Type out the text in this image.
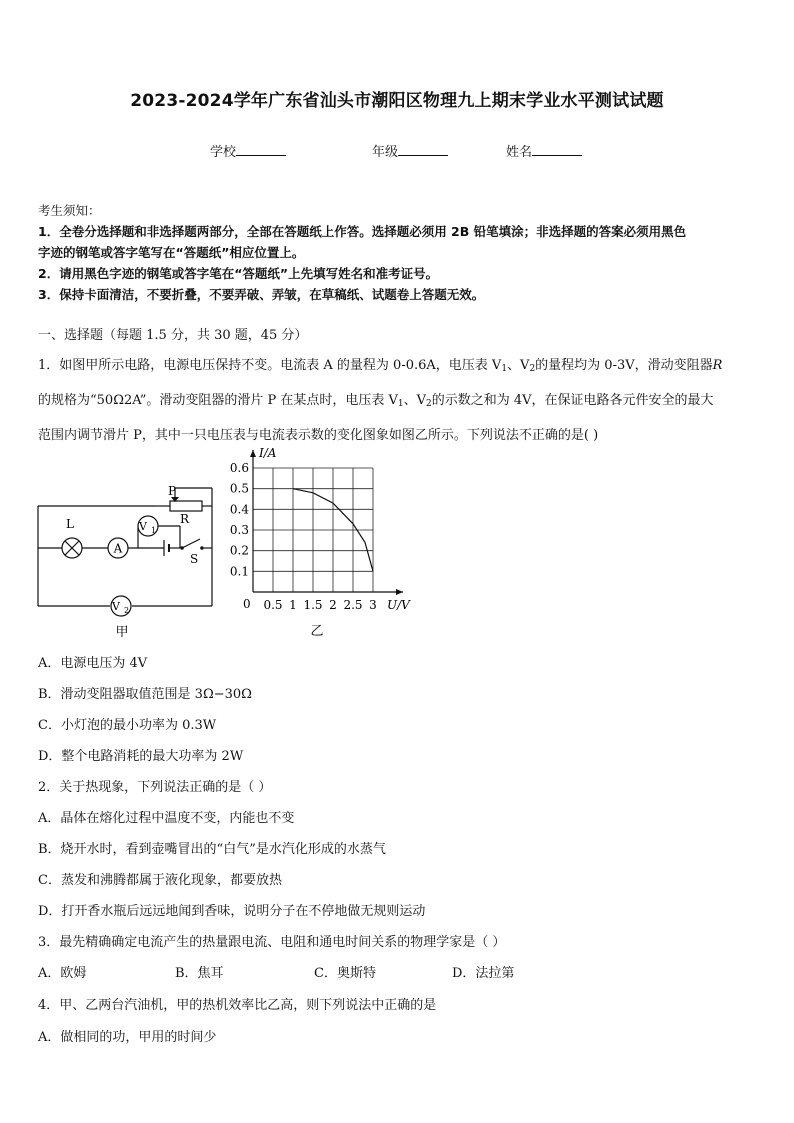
2023-2024学年广东省汕头市潮阳区物理九上期末学业水平测试试题
学校	年级	姓名
考生须知：
1．全卷分选择题和非选择题两部分，全部在答题纸上作答。选择题必须用 2B 铅笔填涂；非选择题的答案必须用黑色
字迹的钢笔或答字笔写在“答题纸”相应位置上。
2．请用黑色字迹的钢笔或答字笔在“答题纸”上先填写姓名和准考证号。
3．保持卡面清洁，不要折叠，不要弄破、弄皱，在草稿纸、试题卷上答题无效。
一、选择题（每题 1.5 分，共 30 题，45 分）
1．如图甲所示电路，电源电压保持不变。电流表 A 的量程为 0-0.6A，电压表 $V_1$、$V_2$的量程均为 0-3V，滑动变阻器R
的规格为“50Ω2A”。滑动变阻器的滑片 P 在某点时，电压表 $V_1$、$V_2$的示数之和为 4V，在保证电路各元件安全的最大
范围内调节滑片 P，其中一只电压表与电流表示数的变化图象如图乙所示。下列说法不正确的是( )
A
V 1
V 2
L
P
R
S
甲
0.5 1 1.5 2 2.5 3
0.1
0.2
0.3
0.4
0.5
0.6
I/A
U/V
0
乙
A．电源电压为 4V
B．滑动变阻器取值范围是 3Ω−30Ω
C．小灯泡的最小功率为 0.3W
D．整个电路消耗的最大功率为 2W
2．关于热现象，下列说法正确的是（ ）
A．晶体在熔化过程中温度不变，内能也不变
B．烧开水时，看到壶嘴冒出的“白气”是水汽化形成的水蒸气
C．蒸发和沸腾都属于液化现象，都要放热
D．打开香水瓶后远远地闻到香味，说明分子在不停地做无规则运动
3．最先精确确定电流产生的热量跟电流、电阻和通电时间关系的物理学家是（ ）
A．欧姆	B．焦耳	C．奥斯特	D．法拉第
4．甲、乙两台汽油机，甲的热机效率比乙高，则下列说法中正确的是
A．做相同的功，甲用的时间少
